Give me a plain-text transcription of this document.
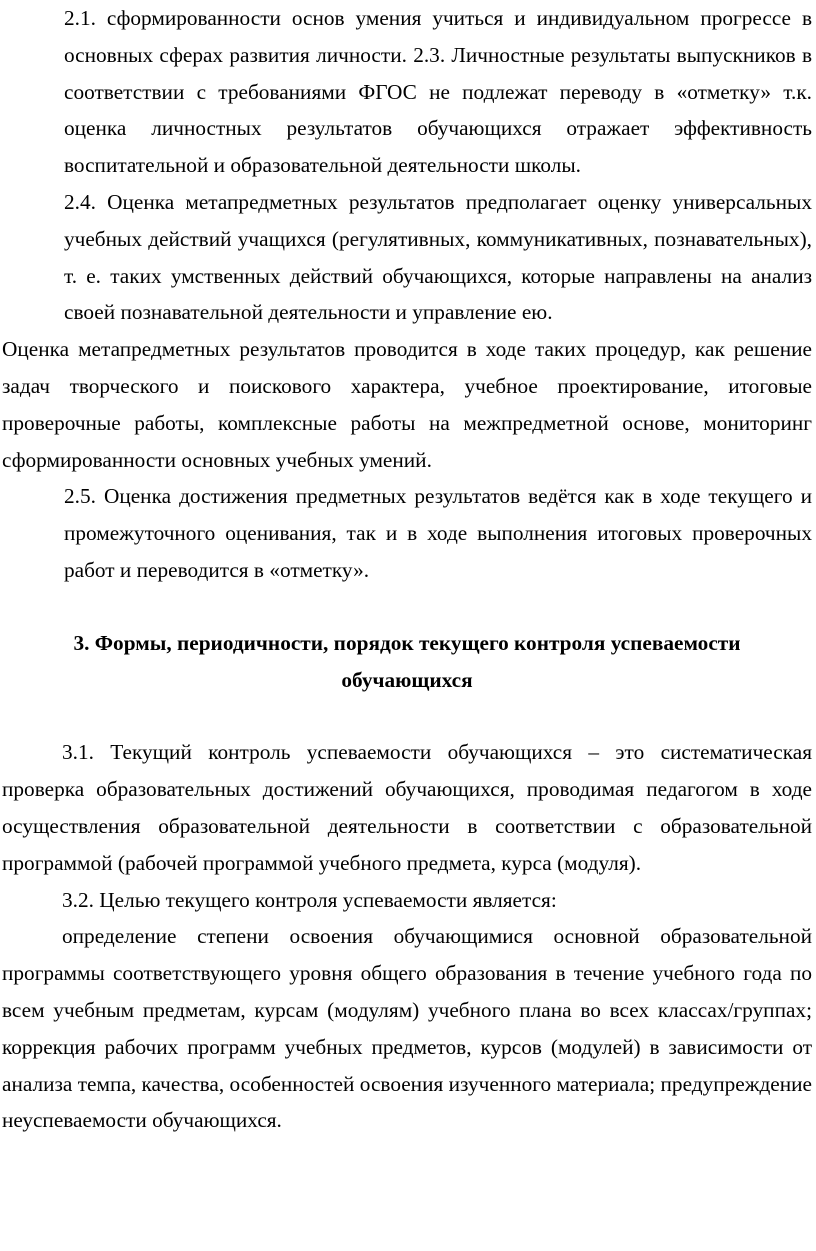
2.1. сформированности основ умения учиться и индивидуальном прогрессе в основных сферах развития личности. 2.3. Личностные результаты выпускников в соответствии с требованиями ФГОС не подлежат переводу в «отметку» т.к. оценка личностных результатов обучающихся отражает эффективность воспитательной и образовательной деятельности школы.

2.4. Оценка метапредметных результатов предполагает оценку универсальных учебных действий учащихся (регулятивных, коммуникативных, познавательных), т. е. таких умственных действий обучающихся, которые направлены на анализ своей познавательной деятельности и управление ею.

Оценка метапредметных результатов проводится в ходе таких процедур, как решение задач творческого и поискового характера, учебное проектирование, итоговые проверочные работы, комплексные работы на межпредметной основе, мониторинг сформированности основных учебных умений.

2.5. Оценка достижения предметных результатов ведётся как в ходе текущего и промежуточного оценивания, так и в ходе выполнения итоговых проверочных работ и переводится в «отметку».

3. Формы, периодичности, порядок текущего контроля успеваемости обучающихся

3.1. Текущий контроль успеваемости обучающихся – это систематическая проверка образовательных достижений обучающихся, проводимая педагогом в ходе осуществления образовательной деятельности в соответствии с образовательной программой (рабочей программой учебного предмета, курса (модуля).

3.2. Целью текущего контроля успеваемости является:

определение степени освоения обучающимися основной образовательной программы соответствующего уровня общего образования в течение учебного года по всем учебным предметам, курсам (модулям) учебного плана во всех классах/группах; коррекция рабочих программ учебных предметов, курсов (модулей) в зависимости от анализа темпа, качества, особенностей освоения изученного материала; предупреждение неуспеваемости обучающихся.
